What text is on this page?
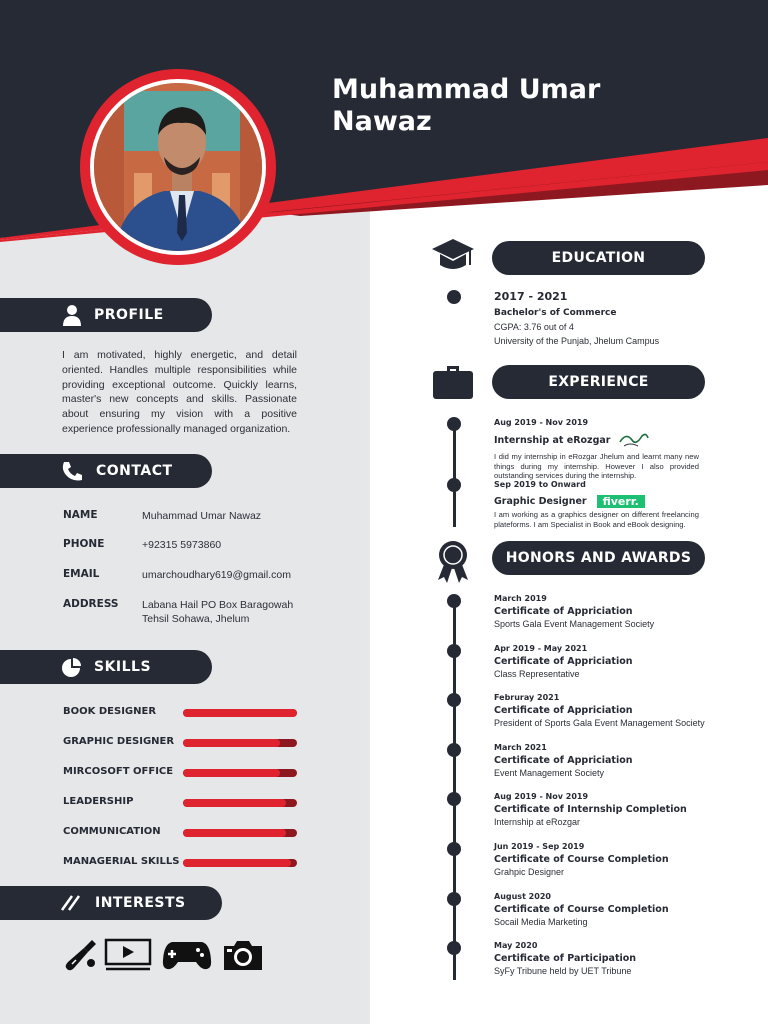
Muhammad Umar
Nawaz
PROFILE
I am motivated, highly energetic, and detail oriented. Handles multiple responsibilities while providing exceptional outcome. Quickly learns, master's new concepts and skills. Passionate about ensuring my vision with a positive experience professionally managed organization.
CONTACT
NAME	Muhammad Umar Nawaz
PHONE	+92315 5973860
EMAIL	umarchoudhary619@gmail.com
ADDRESS	Labana Hail PO Box Baragowah
Tehsil Sohawa, Jhelum
SKILLS
BOOK DESIGNER
GRAPHIC DESIGNER
MIRCOSOFT OFFICE
LEADERSHIP
COMMUNICATION
MANAGERIAL SKILLS
INTERESTS
EDUCATION
2017 - 2021
Bachelor's of Commerce
CGPA: 3.76 out of 4
University of the Punjab, Jhelum Campus
EXPERIENCE
Aug 2019 - Nov 2019
Internship at eRozgar
I did my internship in eRozgar Jhelum and learnt many new things during my internship. However I also provided outstanding services during the internship.
Sep 2019 to Onward
Graphic Designer	fiverr.
I am working as a graphics designer on different freelancing plateforms. I am Specialist in Book and eBook designing.
HONORS AND AWARDS
March 2019
Certificate of Appriciation
Sports Gala Event Management Society
Apr 2019 - May 2021
Certificate of Appriciation
Class Representative
Februray 2021
Certificate of Appriciation
President of Sports Gala Event Management Society
March 2021
Certificate of Appriciation
Event Management Society
Aug 2019 - Nov 2019
Certificate of Internship Completion
Internship at eRozgar
Jun 2019 - Sep 2019
Certificate of Course Completion
Grahpic Designer
August 2020
Certificate of Course Completion
Socail Media Marketing
May 2020
Certificate of Participation
SyFy Tribune held by UET Tribune
